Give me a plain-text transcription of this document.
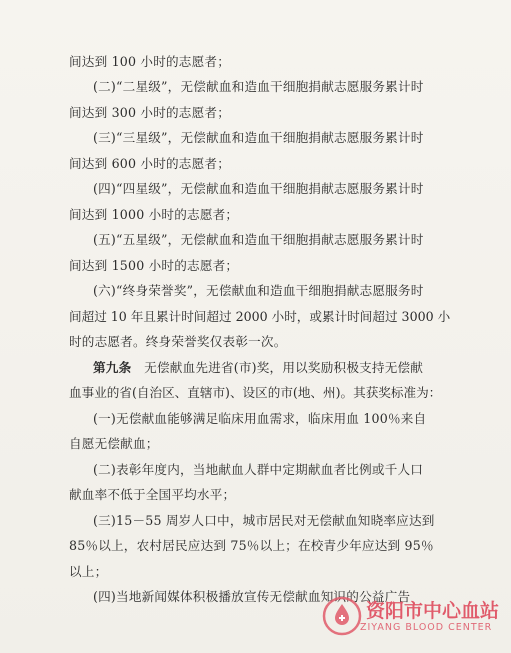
间达到 100 小时的志愿者；
(二)“二星级”，无偿献血和造血干细胞捐献志愿服务累计时
间达到 300 小时的志愿者；
(三)“三星级”，无偿献血和造血干细胞捐献志愿服务累计时
间达到 600 小时的志愿者；
(四)“四星级”，无偿献血和造血干细胞捐献志愿服务累计时
间达到 1000 小时的志愿者；
(五)“五星级”，无偿献血和造血干细胞捐献志愿服务累计时
间达到 1500 小时的志愿者；
(六)“终身荣誉奖”，无偿献血和造血干细胞捐献志愿服务时
间超过 10 年且累计时间超过 2000 小时，或累计时间超过 3000 小
时的志愿者。终身荣誉奖仅表彰一次。
第九条　无偿献血先进省(市)奖，用以奖励积极支持无偿献
血事业的省(自治区、直辖市)、设区的市(地、州)。其获奖标准为：
(一)无偿献血能够满足临床用血需求，临床用血 100％来自
自愿无偿献血；
(二)表彰年度内，当地献血人群中定期献血者比例或千人口
献血率不低于全国平均水平；
(三)15－55 周岁人口中，城市居民对无偿献血知晓率应达到
85％以上，农村居民应达到 75％以上；在校青少年应达到 95％
以上；
(四)当地新闻媒体积极播放宣传无偿献血知识的公益广告
资阳市中心血站
ZIYANG BLOOD CENTER
